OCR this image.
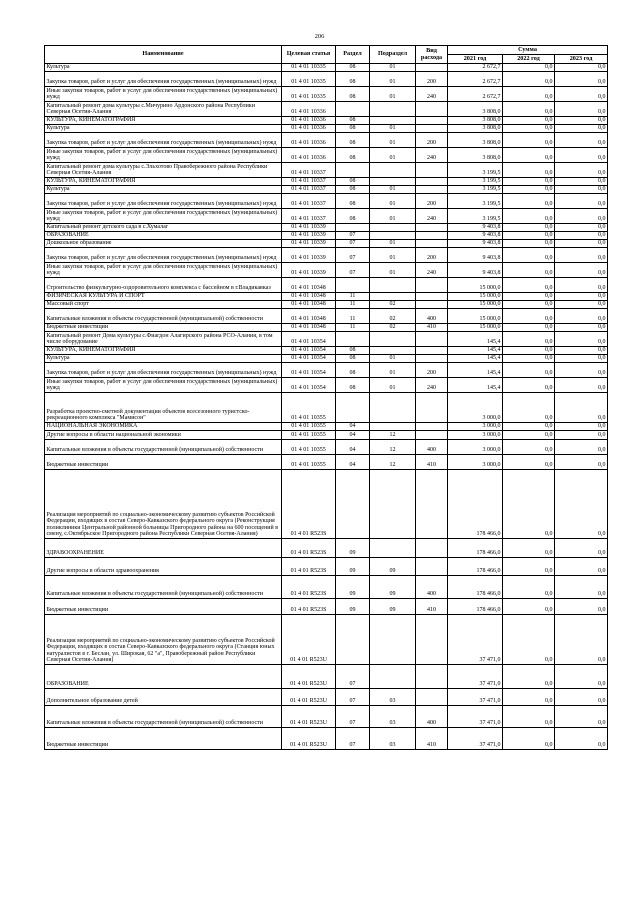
206
Наименование	Целевая статья	Раздел	Подраздел	Вид расхода	Сумма		
					2021 год	2022 год	2023 год
Культура	01 4 01 10335	08	01		2 672,7	0,0	0,0
Закупка товаров, работ и услуг для обеспечения государственных (муниципальных) нужд	01 4 01 10335	08	01	200	2 672,7	0,0	0,0
Иные закупки товаров, работ и услуг для обеспечения государственных (муниципальных) нужд	01 4 01 10335	08	01	240	2 672,7	0,0	0,0
Капитальный ремонт дома культуры с.Мичурино Ардонского района Республики Северная Осетия-Алания	01 4 01 10336				3 808,0	0,0	0,0
КУЛЬТУРА, КИНЕМАТОГРАФИЯ	01 4 01 10336	08			3 808,0	0,0	0,0
Культура	01 4 01 10336	08	01		3 808,0	0,0	0,0
Закупка товаров, работ и услуг для обеспечения государственных (муниципальных) нужд	01 4 01 10336	08	01	200	3 808,0	0,0	0,0
Иные закупки товаров, работ и услуг для обеспечения государственных (муниципальных) нужд	01 4 01 10336	08	01	240	3 808,0	0,0	0,0
Капитальный ремонт дома культуры с.Эльхотово Правобережного района Республики Северная Осетия-Алания	01 4 01 10337				3 199,5	0,0	0,0
КУЛЬТУРА, КИНЕМАТОГРАФИЯ	01 4 01 10337	08			3 199,5	0,0	0,0
Культура	01 4 01 10337	08	01		3 199,5	0,0	0,0
Закупка товаров, работ и услуг для обеспечения государственных (муниципальных) нужд	01 4 01 10337	08	01	200	3 199,5	0,0	0,0
Иные закупки товаров, работ и услуг для обеспечения государственных (муниципальных) нужд	01 4 01 10337	08	01	240	3 199,5	0,0	0,0
Капитальный ремонт детского сада в с.Хумалаг	01 4 01 10339				9 403,8	0,0	0,0
ОБРАЗОВАНИЕ	01 4 01 10339	07			9 403,8	0,0	0,0
Дошкольное образование	01 4 01 10339	07	01		9 403,8	0,0	0,0
Закупка товаров, работ и услуг для обеспечения государственных (муниципальных) нужд	01 4 01 10339	07	01	200	9 403,8	0,0	0,0
Иные закупки товаров, работ и услуг для обеспечения государственных (муниципальных) нужд	01 4 01 10339	07	01	240	9 403,8	0,0	0,0
Строительство физкультурно-оздоровительного комплекса с бассейном в г.Владикавказ	01 4 01 10348				15 000,0	0,0	0,0
ФИЗИЧЕСКАЯ КУЛЬТУРА И СПОРТ	01 4 01 10348	11			15 000,0	0,0	0,0
Массовый спорт	01 4 01 10348	11	02		15 000,0	0,0	0,0
Капитальные вложения в объекты государственной (муниципальной) собственности	01 4 01 10348	11	02	400	15 000,0	0,0	0,0
Бюджетные инвестиции	01 4 01 10348	11	02	410	15 000,0	0,0	0,0
Капитальный ремонт Дома культуры с.Фиагдон Алагирского района РСО-Алания, в том числе оборудование	01 4 01 10354				145,4	0,0	0,0
КУЛЬТУРА, КИНЕМАТОГРАФИЯ	01 4 01 10354	08			145,4	0,0	0,0
Культура	01 4 01 10354	08	01		145,4	0,0	0,0
Закупка товаров, работ и услуг для обеспечения государственных (муниципальных) нужд	01 4 01 10354	08	01	200	145,4	0,0	0,0
Иные закупки товаров, работ и услуг для обеспечения государственных (муниципальных) нужд	01 4 01 10354	08	01	240	145,4	0,0	0,0
Разработка проектно-сметной документации объектов всесезонного туристско-рекреационного комплекса "Мамисон"	01 4 01 10355				3 000,0	0,0	0,0
НАЦИОНАЛЬНАЯ ЭКОНОМИКА	01 4 01 10355	04			3 000,0	0,0	0,0
Другие вопросы в области национальной экономики	01 4 01 10355	04	12		3 000,0	0,0	0,0
Капитальные вложения в объекты государственной (муниципальной) собственности	01 4 01 10355	04	12	400	3 000,0	0,0	0,0
Бюджетные инвестиции	01 4 01 10355	04	12	410	3 000,0	0,0	0,0
Реализация мероприятий по социально-экономическому развитию субъектов Российской Федерации, входящих в состав Северо-Кавказского федерального округа (Реконструкция поликлиники Центральной районной больницы Пригородного района на 600 посещений в смену, с.Октябрьское Пригородного района Республики Северная Осетия-Алания)	01 4 01 R523S				178 466,0	0,0	0,0
ЗДРАВООХРАНЕНИЕ	01 4 01 R523S	09			178 466,0	0,0	0,0
Другие вопросы в области здравоохранения	01 4 01 R523S	09	09		178 466,0	0,0	0,0
Капитальные вложения в объекты государственной (муниципальной) собственности	01 4 01 R523S	09	09	400	178 466,0	0,0	0,0
Бюджетные инвестиции	01 4 01 R523S	09	09	410	178 466,0	0,0	0,0
Реализация мероприятий по социально-экономическому развитию субъектов Российской Федерации, входящих в состав Северо-Кавказского федерального округа (Станция юных натуралистов в г. Беслан, ул. Широкая, 62 "а", Правобережный район Республики Северная Осетия-Алания)	01 4 01 R523U				37 471,0	0,0	0,0
ОБРАЗОВАНИЕ	01 4 01 R523U	07			37 471,0	0,0	0,0
Дополнительное образование детей	01 4 01 R523U	07	03		37 471,0	0,0	0,0
Капитальные вложения в объекты государственной (муниципальной) собственности	01 4 01 R523U	07	03	400	37 471,0	0,0	0,0
Бюджетные инвестиции	01 4 01 R523U	07	03	410	37 471,0	0,0	0,0
